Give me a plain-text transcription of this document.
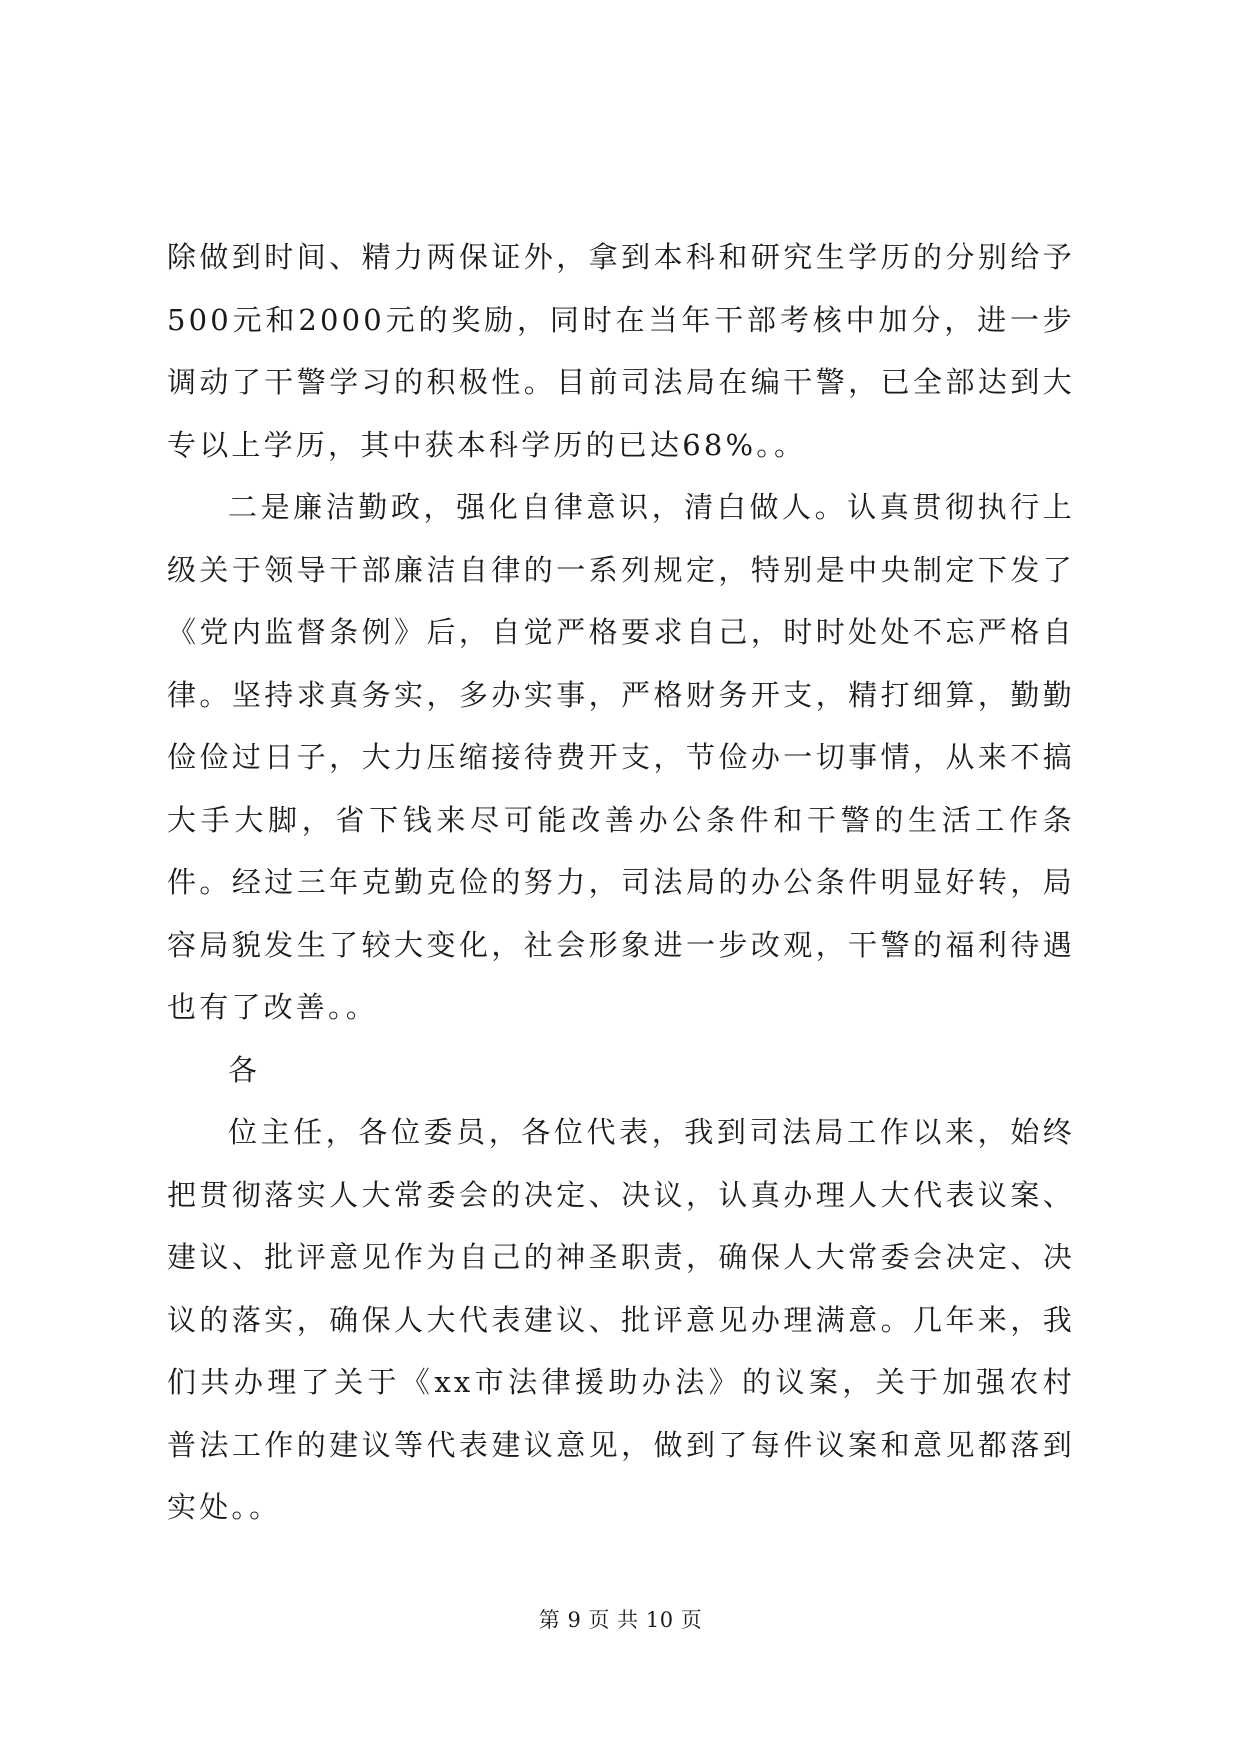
除做到时间、精力两保证外，拿到本科和研究生学历的分别给予500元和2000元的奖励，同时在当年干部考核中加分，进一步调动了干警学习的积极性。目前司法局在编干警，已全部达到大专以上学历，其中获本科学历的已达68%。。

二是廉洁勤政，强化自律意识，清白做人。认真贯彻执行上级关于领导干部廉洁自律的一系列规定，特别是中央制定下发了《党内监督条例》后，自觉严格要求自己，时时处处不忘严格自律。坚持求真务实，多办实事，严格财务开支，精打细算，勤勤俭俭过日子，大力压缩接待费开支，节俭办一切事情，从来不搞大手大脚，省下钱来尽可能改善办公条件和干警的生活工作条件。经过三年克勤克俭的努力，司法局的办公条件明显好转，局容局貌发生了较大变化，社会形象进一步改观，干警的福利待遇也有了改善。。

各

位主任，各位委员，各位代表，我到司法局工作以来，始终把贯彻落实人大常委会的决定、决议，认真办理人大代表议案、建议、批评意见作为自己的神圣职责，确保人大常委会决定、决议的落实，确保人大代表建议、批评意见办理满意。几年来，我们共办理了关于《xx市法律援助办法》的议案，关于加强农村普法工作的建议等代表建议意见，做到了每件议案和意见都落到实处。。

第 9 页 共 10 页
